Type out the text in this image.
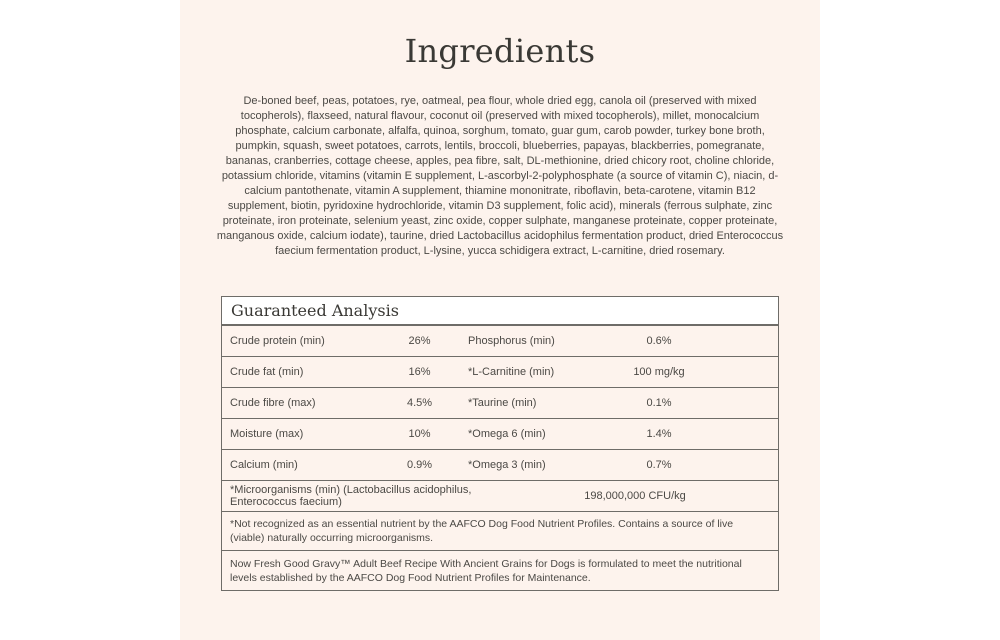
Ingredients

De-boned beef, peas, potatoes, rye, oatmeal, pea flour, whole dried egg, canola oil (preserved with mixed tocopherols), flaxseed, natural flavour, coconut oil (preserved with mixed tocopherols), millet, monocalcium phosphate, calcium carbonate, alfalfa, quinoa, sorghum, tomato, guar gum, carob powder, turkey bone broth, pumpkin, squash, sweet potatoes, carrots, lentils, broccoli, blueberries, papayas, blackberries, pomegranate, bananas, cranberries, cottage cheese, apples, pea fibre, salt, DL-methionine, dried chicory root, choline chloride, potassium chloride, vitamins (vitamin E supplement, L-ascorbyl-2-polyphosphate (a source of vitamin C), niacin, d-calcium pantothenate, vitamin A supplement, thiamine mononitrate, riboflavin, beta-carotene, vitamin B12 supplement, biotin, pyridoxine hydrochloride, vitamin D3 supplement, folic acid), minerals (ferrous sulphate, zinc proteinate, iron proteinate, selenium yeast, zinc oxide, copper sulphate, manganese proteinate, copper proteinate, manganous oxide, calcium iodate), taurine, dried Lactobacillus acidophilus fermentation product, dried Enterococcus faecium fermentation product, L-lysine, yucca schidigera extract, L-carnitine, dried rosemary.

Guaranteed Analysis
Crude protein (min)	26%	Phosphorus (min)	0.6%
Crude fat (min)	16%	*L-Carnitine (min)	100 mg/kg
Crude fibre (max)	4.5%	*Taurine (min)	0.1%
Moisture (max)	10%	*Omega 6 (min)	1.4%
Calcium (min)	0.9%	*Omega 3 (min)	0.7%
*Microorganisms (min) (Lactobacillus acidophilus, Enterococcus faecium)	198,000,000 CFU/kg
*Not recognized as an essential nutrient by the AAFCO Dog Food Nutrient Profiles. Contains a source of live (viable) naturally occurring microorganisms.
Now Fresh Good Gravy™ Adult Beef Recipe With Ancient Grains for Dogs is formulated to meet the nutritional levels established by the AAFCO Dog Food Nutrient Profiles for Maintenance.
